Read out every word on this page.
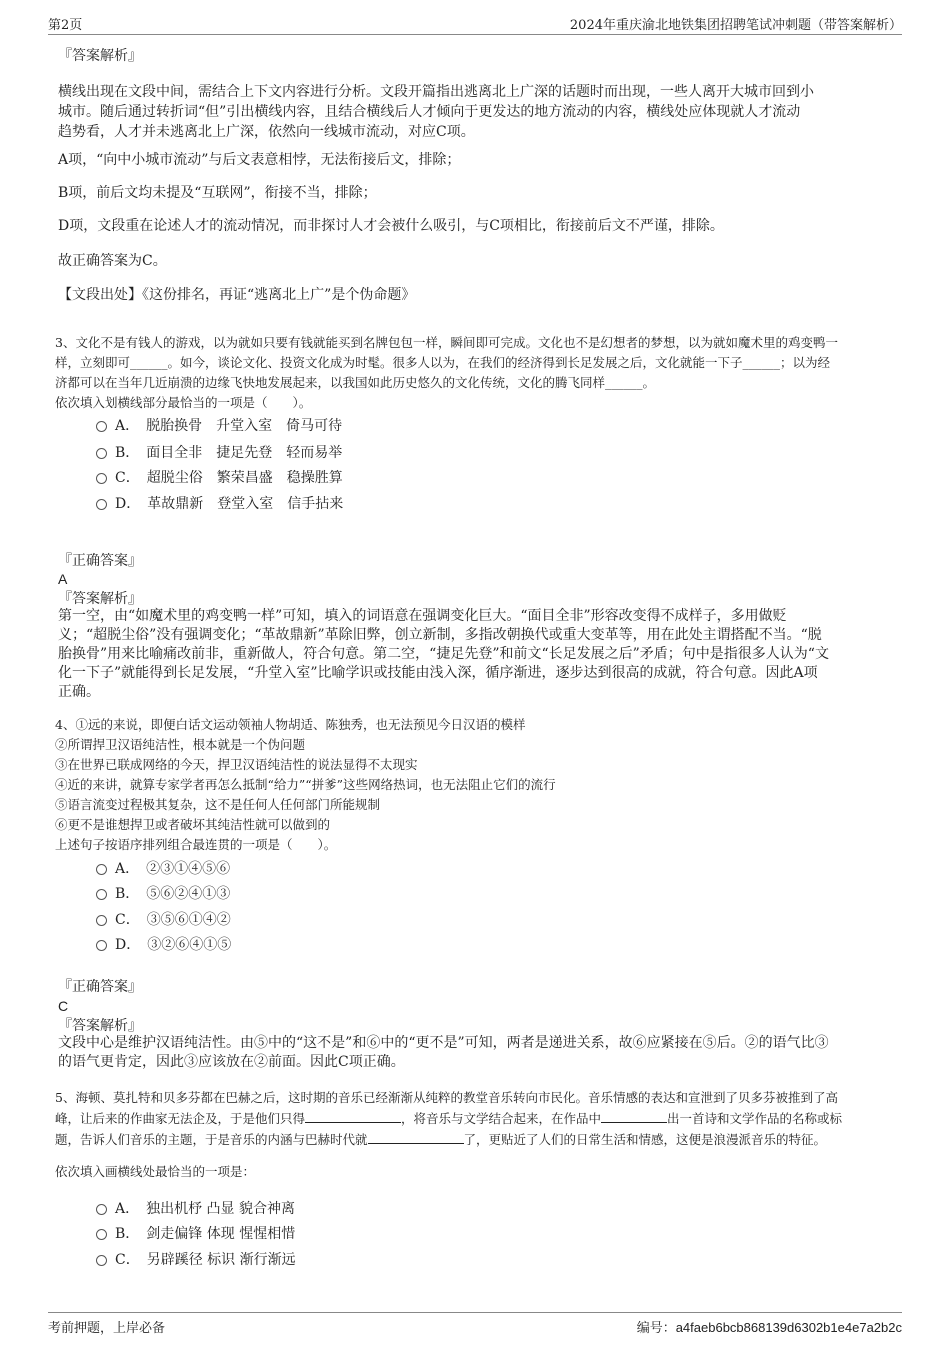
第2页	2024年重庆渝北地铁集团招聘笔试冲刺题（带答案解析）
『答案解析』
横线出现在文段中间，需结合上下文内容进行分析。文段开篇指出逃离北上广深的话题时而出现，一些人离开大城市回到小
城市。随后通过转折词“但”引出横线内容，且结合横线后人才倾向于更发达的地方流动的内容，横线处应体现就人才流动
趋势看，人才并未逃离北上广深，依然向一线城市流动，对应C项。
A项，“向中小城市流动”与后文表意相悖，无法衔接后文，排除；
B项，前后文均未提及“互联网”，衔接不当，排除；
D项，文段重在论述人才的流动情况，而非探讨人才会被什么吸引，与C项相比，衔接前后文不严谨，排除。
故正确答案为C。
【文段出处】《这份排名，再证“逃离北上广”是个伪命题》
3、文化不是有钱人的游戏，以为就如只要有钱就能买到名牌包包一样，瞬间即可完成。文化也不是幻想者的梦想，以为就如魔术里的鸡变鸭一
样，立刻即可______。如今，谈论文化、投资文化成为时髦。很多人以为，在我们的经济得到长足发展之后，文化就能一下子______；以为经
济都可以在当年几近崩溃的边缘飞快地发展起来，以我国如此历史悠久的文化传统，文化的腾飞同样______。
依次填入划横线部分最恰当的一项是（　　）。
A．　脱胎换骨　升堂入室　倚马可待
B．　面目全非　捷足先登　轻而易举
C．　超脱尘俗　繁荣昌盛　稳操胜算
D．　革故鼎新　登堂入室　信手拈来
『正确答案』
A
『答案解析』
第一空，由“如魔术里的鸡变鸭一样”可知，填入的词语意在强调变化巨大。“面目全非”形容改变得不成样子，多用做贬
义；“超脱尘俗”没有强调变化；“革故鼎新”革除旧弊，创立新制，多指改朝换代或重大变革等，用在此处主谓搭配不当。“脱
胎换骨”用来比喻痛改前非，重新做人，符合句意。第二空，“捷足先登”和前文“长足发展之后”矛盾；句中是指很多人认为“文
化一下子”就能得到长足发展，“升堂入室”比喻学识或技能由浅入深，循序渐进，逐步达到很高的成就，符合句意。因此A项
正确。
4、①远的来说，即便白话文运动领袖人物胡适、陈独秀，也无法预见今日汉语的模样
②所谓捍卫汉语纯洁性，根本就是一个伪问题
③在世界已联成网络的今天，捍卫汉语纯洁性的说法显得不太现实
④近的来讲，就算专家学者再怎么抵制“给力”“拼爹”这些网络热词，也无法阻止它们的流行
⑤语言流变过程极其复杂，这不是任何人任何部门所能规制
⑥更不是谁想捍卫或者破坏其纯洁性就可以做到的
上述句子按语序排列组合最连贯的一项是（　　）。
A．　②③①④⑤⑥
B．　⑤⑥②④①③
C．　③⑤⑥①④②
D．　③②⑥④①⑤
『正确答案』
C
『答案解析』
文段中心是维护汉语纯洁性。由⑤中的“这不是”和⑥中的“更不是”可知，两者是递进关系，故⑥应紧接在⑤后。②的语气比③
的语气更肯定，因此③应该放在②前面。因此C项正确。
5、海顿、莫扎特和贝多芬都在巴赫之后，这时期的音乐已经渐渐从纯粹的教堂音乐转向市民化。音乐情感的表达和宣泄到了贝多芬被推到了高
峰，让后来的作曲家无法企及，于是他们只得	，将音乐与文学结合起来，在作品中	出一首诗和文学作品的名称或标
题，告诉人们音乐的主题，于是音乐的内涵与巴赫时代就	了，更贴近了人们的日常生活和情感，这便是浪漫派音乐的特征。
依次填入画横线处最恰当的一项是：
A．　独出机杼 凸显 貌合神离
B．　剑走偏锋 体现 惺惺相惜
C．　另辟蹊径 标识 渐行渐远
考前押题，上岸必备	编号：a4faeb6bcb868139d6302b1e4e7a2b2c
